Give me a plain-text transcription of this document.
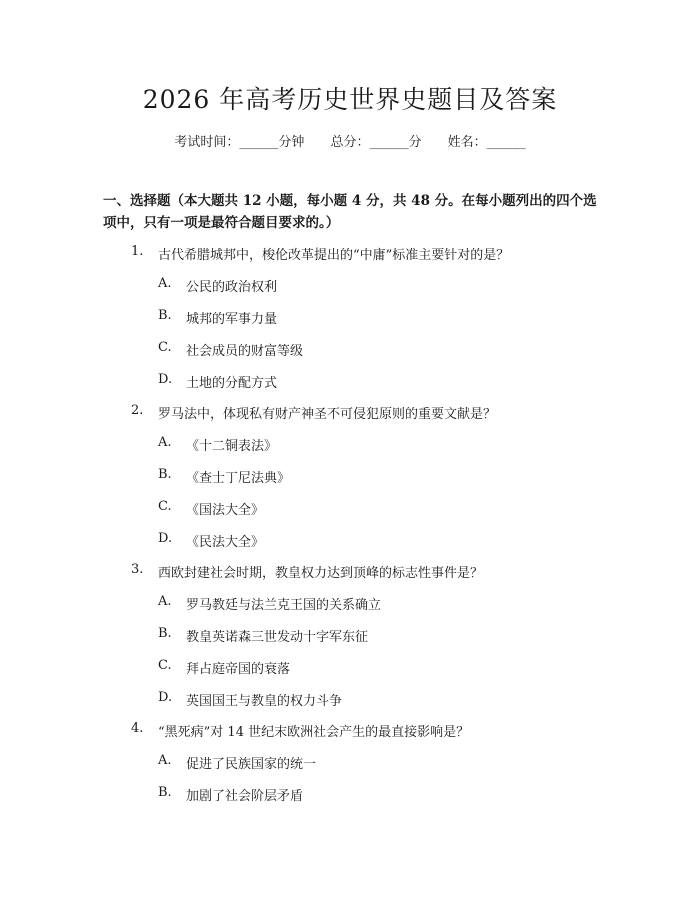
2026 年高考历史世界史题目及答案
考试时间：______分钟 总分：______分 姓名：______
一、选择题（本大题共 12 小题，每小题 4 分，共 48 分。在每小题列出的四个选项中，只有一项是最符合题目要求的。）
1.	古代希腊城邦中，梭伦改革提出的“中庸”标准主要针对的是？
A. 公民的政治权利
B. 城邦的军事力量
C. 社会成员的财富等级
D. 土地的分配方式
2.	罗马法中，体现私有财产神圣不可侵犯原则的重要文献是？
A. 《十二铜表法》
B. 《查士丁尼法典》
C. 《国法大全》
D. 《民法大全》
3.	西欧封建社会时期，教皇权力达到顶峰的标志性事件是？
A. 罗马教廷与法兰克王国的关系确立
B. 教皇英诺森三世发动十字军东征
C. 拜占庭帝国的衰落
D. 英国国王与教皇的权力斗争
4.	“黑死病”对 14 世纪末欧洲社会产生的最直接影响是？
A. 促进了民族国家的统一
B. 加剧了社会阶层矛盾
